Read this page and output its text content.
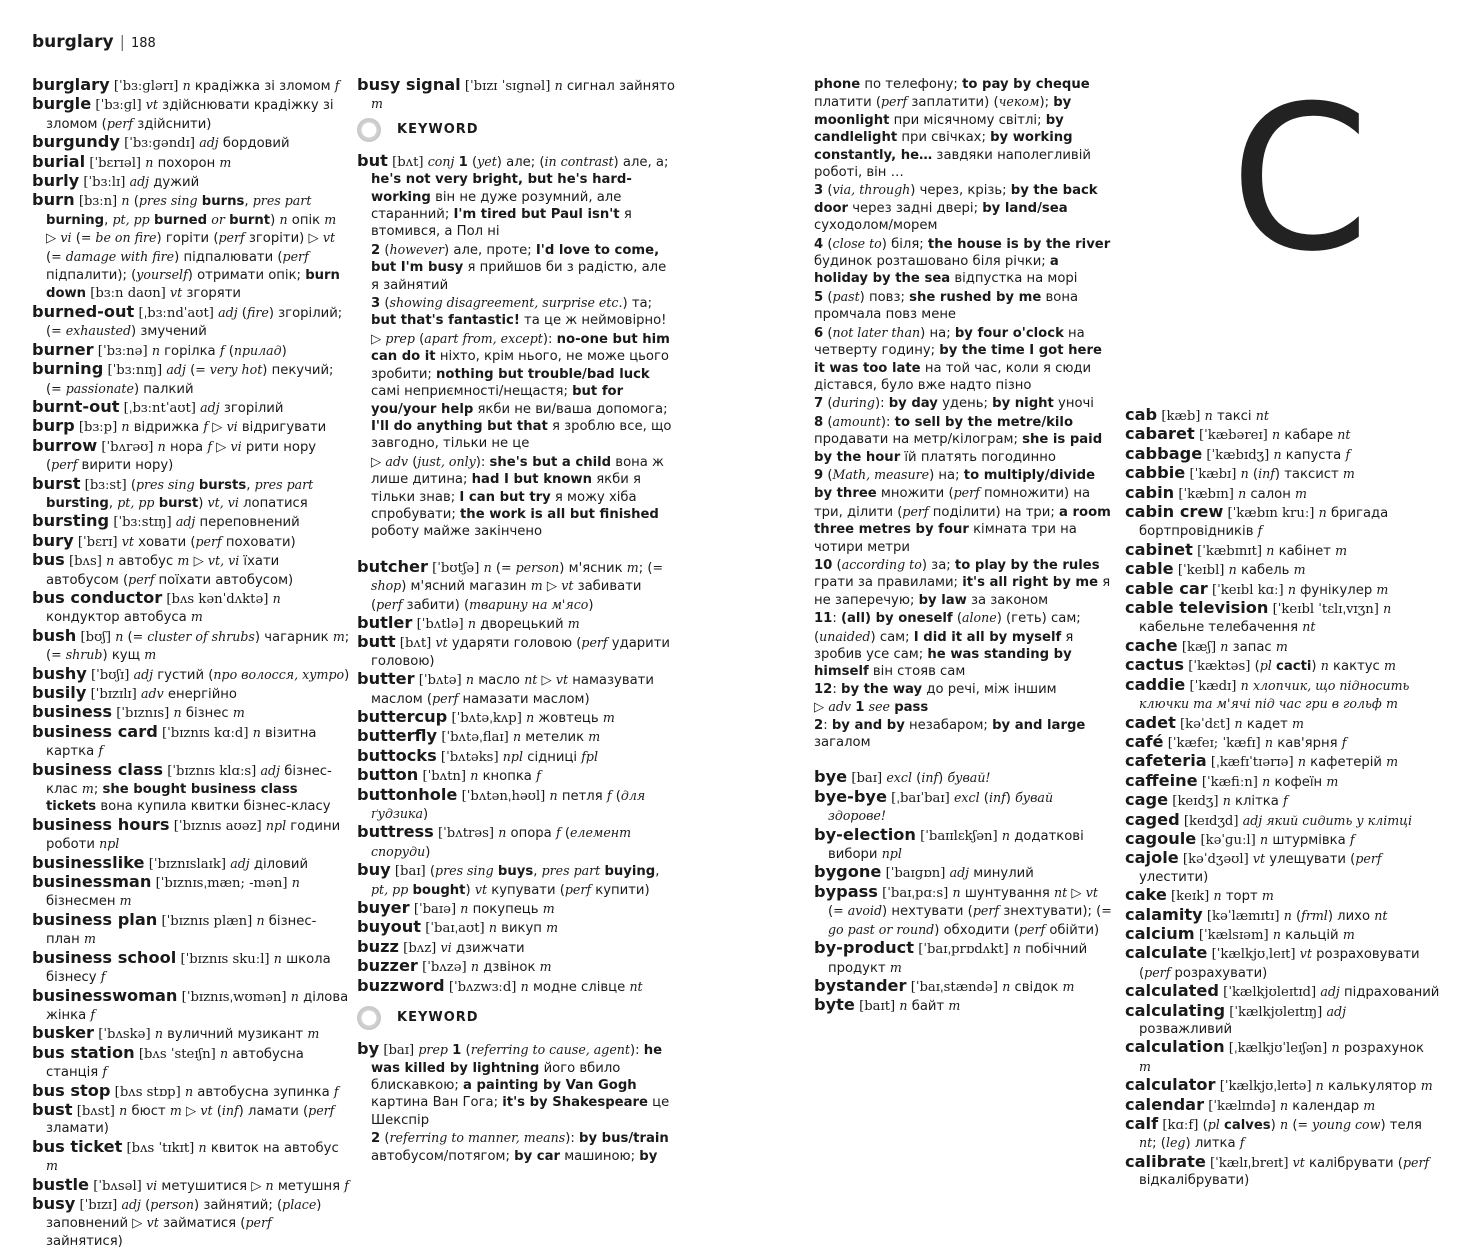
burglary | 188
C

burglary [ˈbɜːɡlərɪ] n крадіжка зі зломом f

burgle [ˈbɜːɡl] vt здійснювати крадіжку зі зломом (perf здійснити)

burgundy [ˈbɜːɡəndɪ] adj бордовий

burial [ˈbɛrɪəl] n похорон m

burly [ˈbɜːlɪ] adj дужий

burn [bɜːn] n (pres sing burns, pres part burning, pt, pp burned or burnt) n опік m ▷ vi (= be on fire) горіти (perf згоріти) ▷ vt (= damage with fire) підпалювати (perf підпалити); (yourself) отримати опік; burn down [bɜːn daʊn] vt згоряти

burned-out [ˌbɜːndˈaʊt] adj (fire) згорілий; (= exhausted) змучений

burner [ˈbɜːnə] n горілка f (прилад)

burning [ˈbɜːnɪŋ] adj (= very hot) пекучий; (= passionate) палкий

burnt-out [ˌbɜːntˈaʊt] adj згорілий

burp [bɜːp] n відрижка f ▷ vi відригувати

burrow [ˈbʌrəʊ] n нора f ▷ vi рити нору (perf вирити нору)

burst [bɜːst] (pres sing bursts, pres part bursting, pt, pp burst) vt, vi лопатися

bursting [ˈbɜːstɪŋ] adj переповнений

bury [ˈbɛrɪ] vt ховати (perf поховати)

bus [bʌs] n автобус m ▷ vt, vi їхати автобусом (perf поїхати автобусом)

bus conductor [bʌs kənˈdʌktə] n кондуктор автобуса m

bush [bʊʃ] n (= cluster of shrubs) чагарник m; (= shrub) кущ m

bushy [ˈbʊʃɪ] adj густий (про волосся, хутро)

busily [ˈbɪzɪlɪ] adv енергійно

business [ˈbɪznɪs] n бізнес m

business card [ˈbɪznɪs kɑːd] n візитна картка f

business class [ˈbɪznɪs klɑːs] adj бізнес-клас m; she bought business class tickets вона купила квитки бізнес-класу

business hours [ˈbɪznɪs aʊəz] npl години роботи npl

businesslike [ˈbɪznɪslaɪk] adj діловий

businessman [ˈbɪznɪsˌmæn; -mən] n бізнесмен m

business plan [ˈbɪznɪs plæn] n бізнес-план m

business school [ˈbɪznɪs skuːl] n школа бізнесу f

businesswoman [ˈbɪznɪsˌwʊmən] n ділова жінка f

busker [ˈbʌskə] n вуличний музикант m

bus station [bʌs ˈsteɪʃn] n автобусна станція f

bus stop [bʌs stɒp] n автобусна зупинка f

bust [bʌst] n бюст m ▷ vt (inf) ламати (perf зламати)

bus ticket [bʌs ˈtɪkɪt] n квиток на автобус m

bustle [ˈbʌsəl] vi метушитися ▷ n метушня f

busy [ˈbɪzɪ] adj (person) зайнятий; (place) заповнений ▷ vt займатися (perf зайнятися)

busy signal [ˈbɪzɪ ˈsɪɡnəl] n сигнал зайнято m

KEYWORD

but [bʌt] conj 1 (yet) але; (in contrast) але, а; he's not very bright, but he's hard-working він не дуже розумний, але старанний; I'm tired but Paul isn't я втомився, а Пол ні
2 (however) але, проте; I'd love to come, but I'm busy я прийшов би з радістю, але я зайнятий
3 (showing disagreement, surprise etc.) та; but that's fantastic! та це ж неймовірно!
▷ prep (apart from, except): no-one but him can do it ніхто, крім нього, не може цього зробити; nothing but trouble/bad luck самі неприємності/нещастя; but for you/your help якби не ви/ваша допомога; I'll do anything but that я зроблю все, що завгодно, тільки не це
▷ adv (just, only): she's but a child вона ж лише дитина; had I but known якби я тільки знав; I can but try я можу хіба спробувати; the work is all but finished роботу майже закінчено

butcher [ˈbʊtʃə] n (= person) м'ясник m; (= shop) м'ясний магазин m ▷ vt забивати (perf забити) (тварину на м'ясо)

butler [ˈbʌtlə] n дворецький m

butt [bʌt] vt ударяти головою (perf ударити головою)

butter [ˈbʌtə] n масло nt ▷ vt намазувати маслом (perf намазати маслом)

buttercup [ˈbʌtəˌkʌp] n жовтець m

butterfly [ˈbʌtəˌflaɪ] n метелик m

buttocks [ˈbʌtəks] npl сідниці fpl

button [ˈbʌtn] n кнопка f

buttonhole [ˈbʌtənˌhəʊl] n петля f (для ґудзика)

buttress [ˈbʌtrəs] n опора f (елемент споруди)

buy [baɪ] (pres sing buys, pres part buying, pt, pp bought) vt купувати (perf купити)

buyer [ˈbaɪə] n покупець m

buyout [ˈbaɪˌaʊt] n викуп m

buzz [bʌz] vi дзижчати

buzzer [ˈbʌzə] n дзвінок m

buzzword [ˈbʌzwɜːd] n модне слівце nt

KEYWORD

by [baɪ] prep 1 (referring to cause, agent): he was killed by lightning його вбило блискавкою; a painting by Van Gogh картина Ван Гога; it's by Shakespeare це Шекспір
2 (referring to manner, means): by bus/train автобусом/потягом; by car машиною; by

phone по телефону; to pay by cheque платити (perf заплатити) (чеком); by moonlight при місячному світлі; by candlelight при свічках; by working constantly, he… завдяки наполегливій роботі, він …
3 (via, through) через, крізь; by the back door через задні двері; by land/sea суходолом/морем
4 (close to) біля; the house is by the river будинок розташовано біля річки; a holiday by the sea відпустка на морі
5 (past) повз; she rushed by me вона промчала повз мене
6 (not later than) на; by four o'clock на четверту годину; by the time I got here it was too late на той час, коли я сюди дістався, було вже надто пізно
7 (during): by day удень; by night уночі
8 (amount): to sell by the metre/kilo продавати на метр/кілограм; she is paid by the hour їй платять погодинно
9 (Math, measure) на; to multiply/divide by three множити (perf помножити) на три, ділити (perf поділити) на три; a room three metres by four кімната три на чотири метри
10 (according to) за; to play by the rules грати за правилами; it's all right by me я не заперечую; by law за законом
11: (all) by oneself (alone) (геть) сам; (unaided) сам; I did it all by myself я зробив усе сам; he was standing by himself він стояв сам
12: by the way до речі, між іншим
▷ adv 1 see pass
2: by and by незабаром; by and large загалом

bye [baɪ] excl (inf) бувай!

bye-bye [ˌbaɪˈbaɪ] excl (inf) бувай здорове!

by-election [ˈbaɪɪlɛkʃən] n додаткові вибори npl

bygone [ˈbaɪɡɒn] adj минулий

bypass [ˈbaɪˌpɑːs] n шунтування nt ▷ vt (= avoid) нехтувати (perf знехтувати); (= go past or round) обходити (perf обійти)

by-product [ˈbaɪˌprɒdʌkt] n побічний продукт m

bystander [ˈbaɪˌstændə] n свідок m

byte [baɪt] n байт m

cab [kæb] n таксі nt

cabaret [ˈkæbəreɪ] n кабаре nt

cabbage [ˈkæbɪdʒ] n капуста f

cabbie [ˈkæbɪ] n (inf) таксист m

cabin [ˈkæbɪn] n салон m

cabin crew [ˈkæbɪn kruː] n бригада бортпровідників f

cabinet [ˈkæbɪnɪt] n кабінет m

cable [ˈkeɪbl] n кабель m

cable car [ˈkeɪbl kɑː] n фунікулер m

cable television [ˈkeɪbl ˈtɛlɪˌvɪʒn] n кабельне телебачення nt

cache [kæʃ] n запас m

cactus [ˈkæktəs] (pl cacti) n кактус m

caddie [ˈkædɪ] n хлопчик, що підносить ключки та м'ячі під час гри в гольф m

cadet [kəˈdɛt] n кадет m

café [ˈkæfeɪ; ˈkæfɪ] n кав'ярня f

cafeteria [ˌkæfɪˈtɪərɪə] n кафетерій m

caffeine [ˈkæfiːn] n кофеїн m

cage [keɪdʒ] n клітка f

caged [keɪdʒd] adj який сидить у клітці

cagoule [kəˈɡuːl] n штурмівка f

cajole [kəˈdʒəʊl] vt улещувати (perf улестити)

cake [keɪk] n торт m

calamity [kəˈlæmɪtɪ] n (frml) лихо nt

calcium [ˈkælsɪəm] n кальцій m

calculate [ˈkælkjʊˌleɪt] vt розраховувати (perf розрахувати)

calculated [ˈkælkjʊleɪtɪd] adj підрахований

calculating [ˈkælkjʊleɪtɪŋ] adj розважливий

calculation [ˌkælkjʊˈleɪʃən] n розрахунок m

calculator [ˈkælkjʊˌleɪtə] n калькулятор m

calendar [ˈkælɪndə] n календар m

calf [kɑːf] (pl calves) n (= young cow) теля nt; (leg) литка f

calibrate [ˈkælɪˌbreɪt] vt калібрувати (perf відкалібрувати)
